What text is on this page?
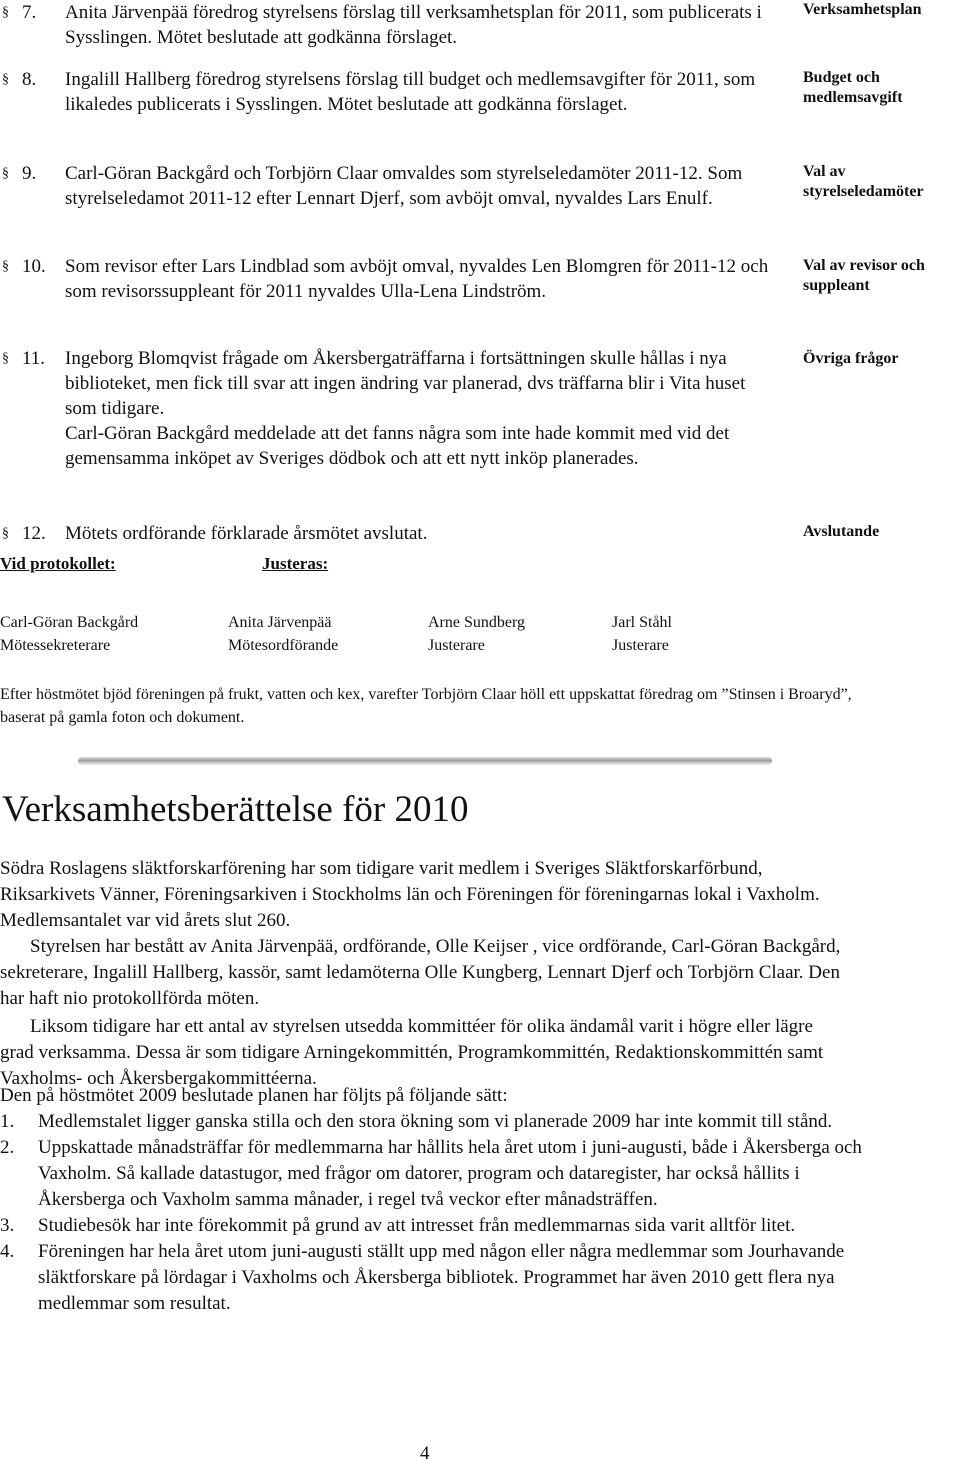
§ 7. Anita Järvenpää föredrog styrelsens förslag till verksamhetsplan för 2011, som publicerats i Sysslingen. Mötet beslutade att godkänna förslaget.

Verksamhetsplan
§ 8. Ingalill Hallberg föredrog styrelsens förslag till budget och medlemsavgifter för 2011, som likaledes publicerats i Sysslingen. Mötet beslutade att godkänna förslaget.

Budget och medlemsavgift
§ 9. Carl-Göran Backgård och Torbjörn Claar omvaldes som styrelseledamöter 2011-12. Som styrelseledamot 2011-12 efter Lennart Djerf, som avböjt omval, nyvaldes Lars Enulf.

Val av styrelseledamöter
§ 10. Som revisor efter Lars Lindblad som avböjt omval, nyvaldes Len Blomgren för 2011-12 och som revisorssuppleant för 2011 nyvaldes Ulla-Lena Lindström.

Val av revisor och suppleant
§ 11. Ingeborg Blomqvist frågade om Åkersbergaträffarna i fortsättningen skulle hållas i nya biblioteket, men fick till svar att ingen ändring var planerad, dvs träffarna blir i Vita huset som tidigare.

Carl-Göran Backgård meddelade att det fanns några som inte hade kommit med vid det gemensamma inköpet av Sveriges dödbok och att ett nytt inköp planerades.

Övriga frågor
§ 12. Mötets ordförande förklarade årsmötet avslutat.	Avslutande
Vid protokollet:	Justeras:
Carl-Göran Backgård
Mötessekreterare
Anita Järvenpää
Mötesordförande
Arne Sundberg
Justerare
Jarl Ståhl
Justerare
Efter höstmötet bjöd föreningen på frukt, vatten och kex, varefter Torbjörn Claar höll ett uppskattat föredrag om ”Stinsen i Broaryd”, baserat på gamla foton och dokument.
Verksamhetsberättelse för 2010

Södra Roslagens släktforskarförening har som tidigare varit medlem i Sveriges Släktforskarförbund, Riksarkivets Vänner, Föreningsarkiven i Stockholms län och Föreningen för föreningarnas lokal i Vaxholm. Medlemsantalet var vid årets slut 260.

Styrelsen har bestått av Anita Järvenpää, ordförande, Olle Keijser , vice ordförande, Carl-Göran Backgård, sekreterare, Ingalill Hallberg, kassör, samt ledamöterna Olle Kungberg, Lennart Djerf och Torbjörn Claar. Den har haft nio protokollförda möten.

Liksom tidigare har ett antal av styrelsen utsedda kommittéer för olika ändamål varit i högre eller lägre grad verksamma. Dessa är som tidigare Arningekommittén, Programkommittén, Redaktionskommittén samt Vaxholms- och Åkersbergakommittéerna.

Den på höstmötet 2009 beslutade planen har följts på följande sätt:

1. Medlemstalet ligger ganska stilla och den stora ökning som vi planerade 2009 har inte kommit till stånd.
2. Uppskattade månadsträffar för medlemmarna har hållits hela året utom i juni-augusti, både i Åkersberga och Vaxholm. Så kallade datastugor, med frågor om datorer, program och dataregister, har också hållits i Åkersberga och Vaxholm samma månader, i regel två veckor efter månadsträffen.
3. Studiebesök har inte förekommit på grund av att intresset från medlemmarnas sida varit alltför litet.
4. Föreningen har hela året utom juni-augusti ställt upp med någon eller några medlemmar som Jourhavande släktforskare på lördagar i Vaxholms och Åkersberga bibliotek. Programmet har även 2010 gett flera nya medlemmar som resultat.
4
